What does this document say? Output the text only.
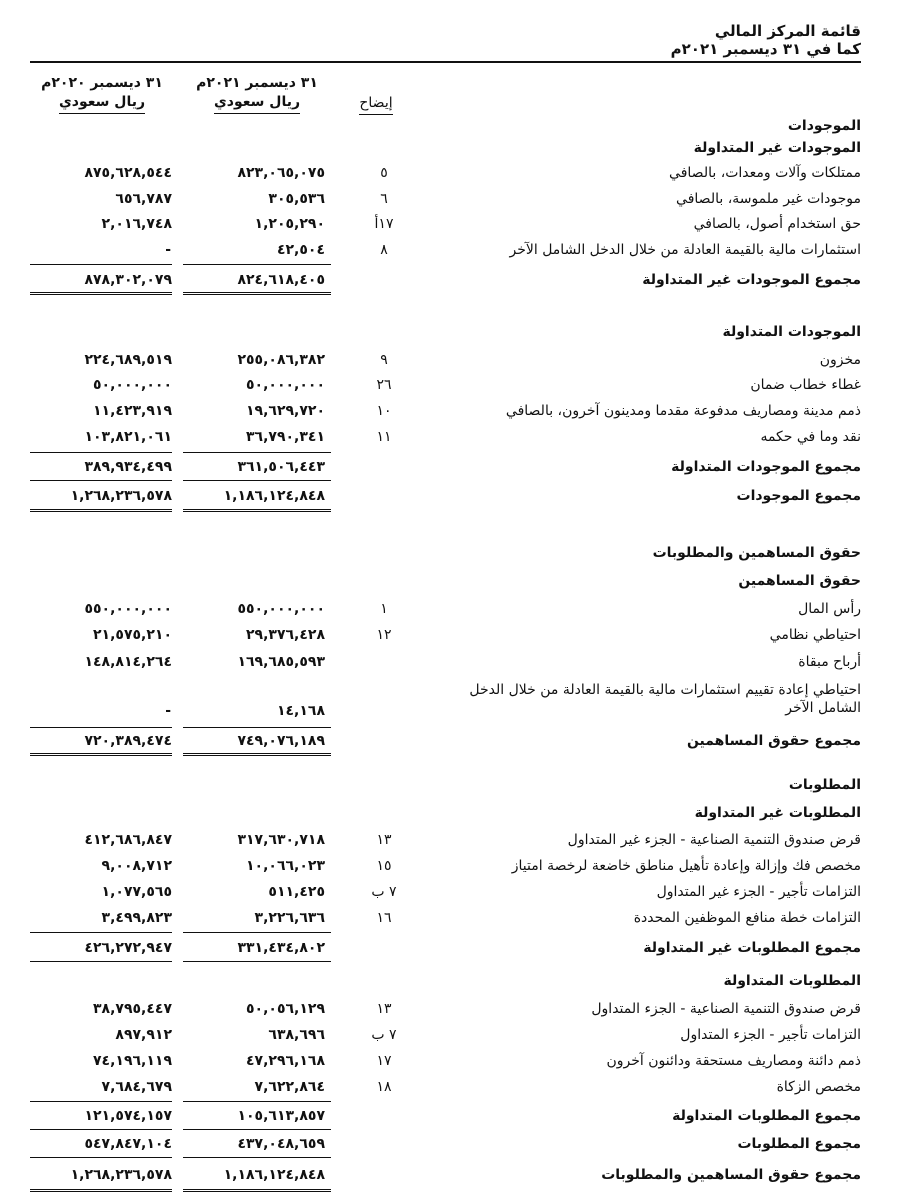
قائمة المركز المالي
كما في ٣١ ديسمبر ٢٠٢١م
٣١ ديسمبر ٢٠٢١م
ريال سعودي
٣١ ديسمبر ٢٠٢٠م
ريال سعودي	إيضاح
الموجودات
الموجودات غير المتداولة
ممتلكات وآلات ومعدات، بالصافي
٥
٨٢٣,٠٦٥,٠٧٥
٨٧٥,٦٢٨,٥٤٤
موجودات غير ملموسة، بالصافي
٦
٣٠٥,٥٣٦
٦٥٦,٧٨٧
حق استخدام أصول، بالصافي
١٧أ
١,٢٠٥,٢٩٠
٢,٠١٦,٧٤٨
استثمارات مالية بالقيمة العادلة من خلال الدخل الشامل الآخر
٨
٤٢,٥٠٤
-
مجموع الموجودات غير المتداولة
٨٢٤,٦١٨,٤٠٥
٨٧٨,٣٠٢,٠٧٩
الموجودات المتداولة
مخزون
٩
٢٥٥,٠٨٦,٣٨٢
٢٢٤,٦٨٩,٥١٩
غطاء خطاب ضمان
٢٦
٥٠,٠٠٠,٠٠٠
٥٠,٠٠٠,٠٠٠
ذمم مدينة ومصاريف مدفوعة مقدما ومدينون آخرون، بالصافي
١٠
١٩,٦٢٩,٧٢٠
١١,٤٢٣,٩١٩
نقد وما في حكمه
١١
٣٦,٧٩٠,٣٤١
١٠٣,٨٢١,٠٦١
مجموع الموجودات المتداولة
٣٦١,٥٠٦,٤٤٣
٣٨٩,٩٣٤,٤٩٩
مجموع الموجودات
١,١٨٦,١٢٤,٨٤٨
١,٢٦٨,٢٣٦,٥٧٨
حقوق المساهمين والمطلوبات
حقوق المساهمين
رأس المال
١
٥٥٠,٠٠٠,٠٠٠
٥٥٠,٠٠٠,٠٠٠
احتياطي نظامي
١٢
٢٩,٣٧٦,٤٢٨
٢١,٥٧٥,٢١٠
أرباح مبقاة
١٦٩,٦٨٥,٥٩٣
١٤٨,٨١٤,٢٦٤
احتياطي إعادة تقييم استثمارات مالية بالقيمة العادلة من خلال الدخل الشامل الآخر
١٤,١٦٨
-
مجموع حقوق المساهمين
٧٤٩,٠٧٦,١٨٩
٧٢٠,٣٨٩,٤٧٤
المطلوبات
المطلوبات غير المتداولة
قرض صندوق التنمية الصناعية - الجزء غير المتداول
١٣
٣١٧,٦٣٠,٧١٨
٤١٢,٦٨٦,٨٤٧
مخصص فك وإزالة وإعادة تأهيل مناطق خاضعة لرخصة امتياز
١٥
١٠,٠٦٦,٠٢٣
٩,٠٠٨,٧١٢
التزامات تأجير - الجزء غير المتداول
٧ ب
٥١١,٤٢٥
١,٠٧٧,٥٦٥
التزامات خطة منافع الموظفين المحددة
١٦
٣,٢٢٦,٦٣٦
٣,٤٩٩,٨٢٣
مجموع المطلوبات غير المتداولة
٣٣١,٤٣٤,٨٠٢
٤٢٦,٢٧٢,٩٤٧
المطلوبات المتداولة
قرض صندوق التنمية الصناعية - الجزء المتداول
١٣
٥٠,٠٥٦,١٢٩
٣٨,٧٩٥,٤٤٧
التزامات تأجير - الجزء المتداول
٧ ب
٦٣٨,٦٩٦
٨٩٧,٩١٢
ذمم دائنة ومصاريف مستحقة ودائنون آخرون
١٧
٤٧,٢٩٦,١٦٨
٧٤,١٩٦,١١٩
مخصص الزكاة
١٨
٧,٦٢٢,٨٦٤
٧,٦٨٤,٦٧٩
مجموع المطلوبات المتداولة
١٠٥,٦١٣,٨٥٧
١٢١,٥٧٤,١٥٧
مجموع المطلوبات
٤٣٧,٠٤٨,٦٥٩
٥٤٧,٨٤٧,١٠٤
مجموع حقوق المساهمين والمطلوبات
١,١٨٦,١٢٤,٨٤٨
١,٢٦٨,٢٣٦,٥٧٨
